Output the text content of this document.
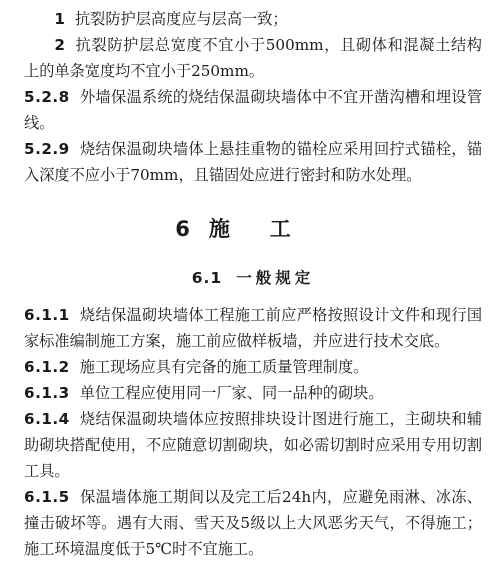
1 抗裂防护层高度应与层高一致；

2 抗裂防护层总宽度不宜小于500mm，且砌体和混凝土结构上的单条宽度均不宜小于250mm。

5.2.8 外墙保温系统的烧结保温砌块墙体中不宜开凿沟槽和埋设管线。

5.2.9 烧结保温砌块墙体上悬挂重物的锚栓应采用回拧式锚栓，锚入深度不应小于70mm，且锚固处应进行密封和防水处理。

6 施工
6.1 一般规定

6.1.1 烧结保温砌块墙体工程施工前应严格按照设计文件和现行国家标准编制施工方案，施工前应做样板墙，并应进行技术交底。

6.1.2 施工现场应具有完备的施工质量管理制度。

6.1.3 单位工程应使用同一厂家、同一品种的砌块。

6.1.4 烧结保温砌块墙体应按照排块设计图进行施工，主砌块和辅助砌块搭配使用，不应随意切割砌块，如必需切割时应采用专用切割工具。

6.1.5 保温墙体施工期间以及完工后24h内，应避免雨淋、冰冻、撞击破坏等。遇有大雨、雪天及5级以上大风恶劣天气，不得施工；施工环境温度低于5℃时不宜施工。
